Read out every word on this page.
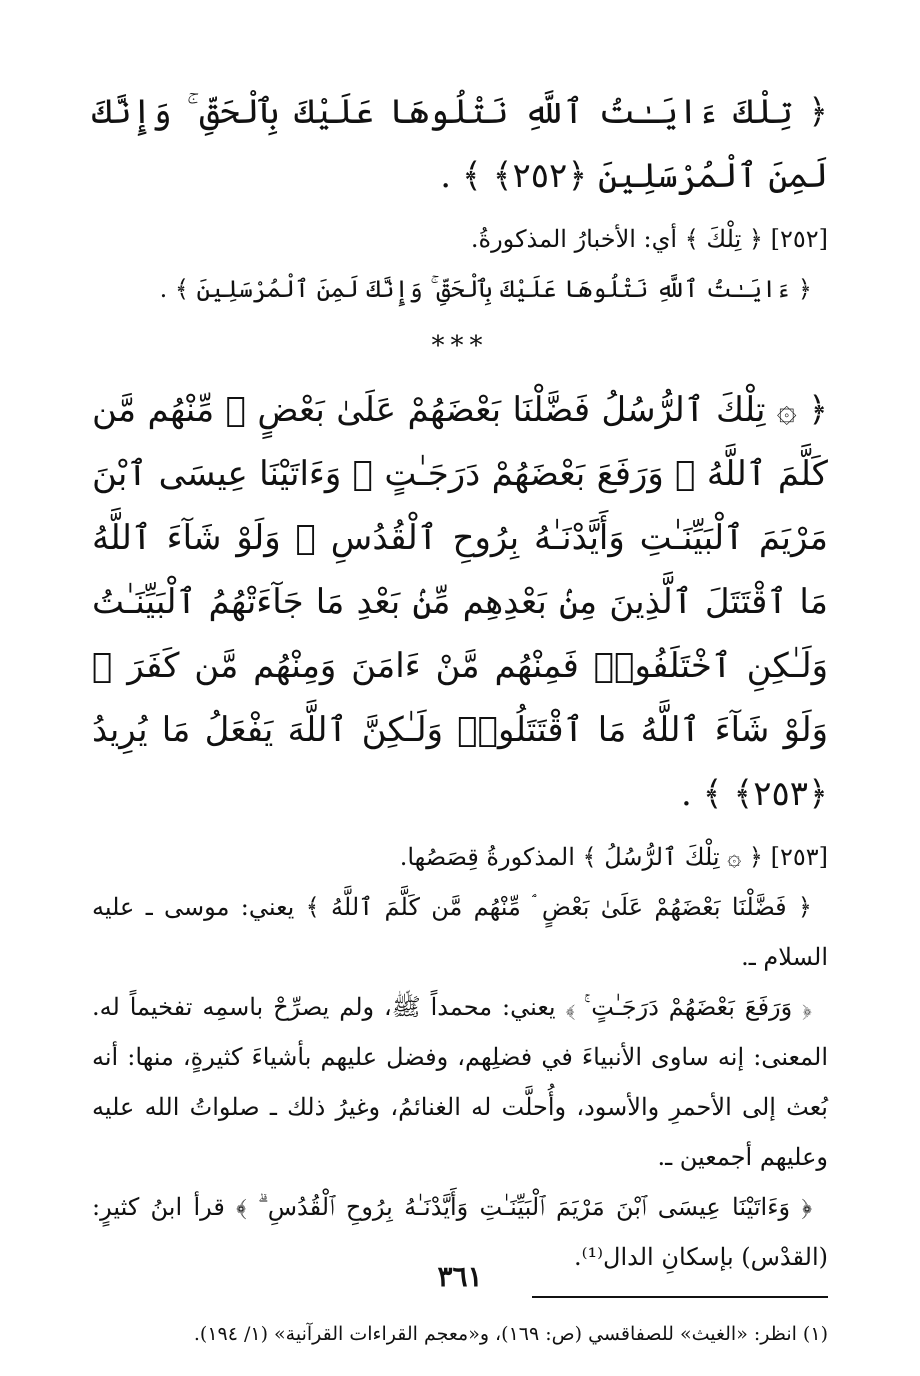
﴿ تِلْكَ ءَايَـٰتُ ٱللَّهِ نَتْلُوهَا عَلَيْكَ بِٱلْحَقِّ ۚ وَإِنَّكَ لَمِنَ ٱلْمُرْسَلِينَ ﴿٢٥٢﴾ ﴾ .

[٢٥٢] ﴿ تِلْكَ ﴾ أي: الأخبارُ المذكورةُ.

﴿ ءَايَـٰتُ ٱللَّهِ نَتْلُوهَا عَلَيْكَ بِٱلْحَقِّ ۚ وَإِنَّكَ لَمِنَ ٱلْمُرْسَلِينَ ﴾ .

***

﴿ ۞ تِلْكَ ٱلرُّسُلُ فَضَّلْنَا بَعْضَهُمْ عَلَىٰ بَعْضٍ ۘ مِّنْهُم مَّن كَلَّمَ ٱللَّهُ ۖ وَرَفَعَ بَعْضَهُمْ دَرَجَـٰتٍ ۚ وَءَاتَيْنَا عِيسَى ٱبْنَ مَرْيَمَ ٱلْبَيِّنَـٰتِ وَأَيَّدْنَـٰهُ بِرُوحِ ٱلْقُدُسِ ۗ وَلَوْ شَآءَ ٱللَّهُ مَا ٱقْتَتَلَ ٱلَّذِينَ مِنۢ بَعْدِهِم مِّنۢ بَعْدِ مَا جَآءَتْهُمُ ٱلْبَيِّنَـٰتُ وَلَـٰكِنِ ٱخْتَلَفُوا۟ فَمِنْهُم مَّنْ ءَامَنَ وَمِنْهُم مَّن كَفَرَ ۚ وَلَوْ شَآءَ ٱللَّهُ مَا ٱقْتَتَلُوا۟ وَلَـٰكِنَّ ٱللَّهَ يَفْعَلُ مَا يُرِيدُ ﴿٢٥٣﴾ ﴾ .

[٢٥٣] ﴿ ۞ تِلْكَ ٱلرُّسُلُ ﴾ المذكورةُ قِصَصُها.

﴿ فَضَّلْنَا بَعْضَهُمْ عَلَىٰ بَعْضٍ ۘ مِّنْهُم مَّن كَلَّمَ ٱللَّهُ ﴾ يعني: موسى ـ عليه السلام ـ.

﴿ وَرَفَعَ بَعْضَهُمْ دَرَجَـٰتٍ ۚ ﴾ يعني: محمداً ﷺ، ولم يصرِّحْ باسمِه تفخيماً له. المعنى: إنه ساوى الأنبياءَ في فضلِهم، وفضل عليهم بأشياءَ كثيرةٍ، منها: أنه بُعث إلى الأحمرِ والأسود، وأُحلَّت له الغنائمُ، وغيرُ ذلك ـ صلواتُ الله عليه وعليهم أجمعين ـ.

﴿ وَءَاتَيْنَا عِيسَى ٱبْنَ مَرْيَمَ ٱلْبَيِّنَـٰتِ وَأَيَّدْنَـٰهُ بِرُوحِ ٱلْقُدُسِ ۗ ﴾ قرأ ابنُ كثيرٍ: (القدْس) بإسكانِ الدال⁽¹⁾.

(١) انظر: «الغيث» للصفاقسي (ص: ١٦٩)، و«معجم القراءات القرآنية» (١/ ١٩٤).

٣٦١
